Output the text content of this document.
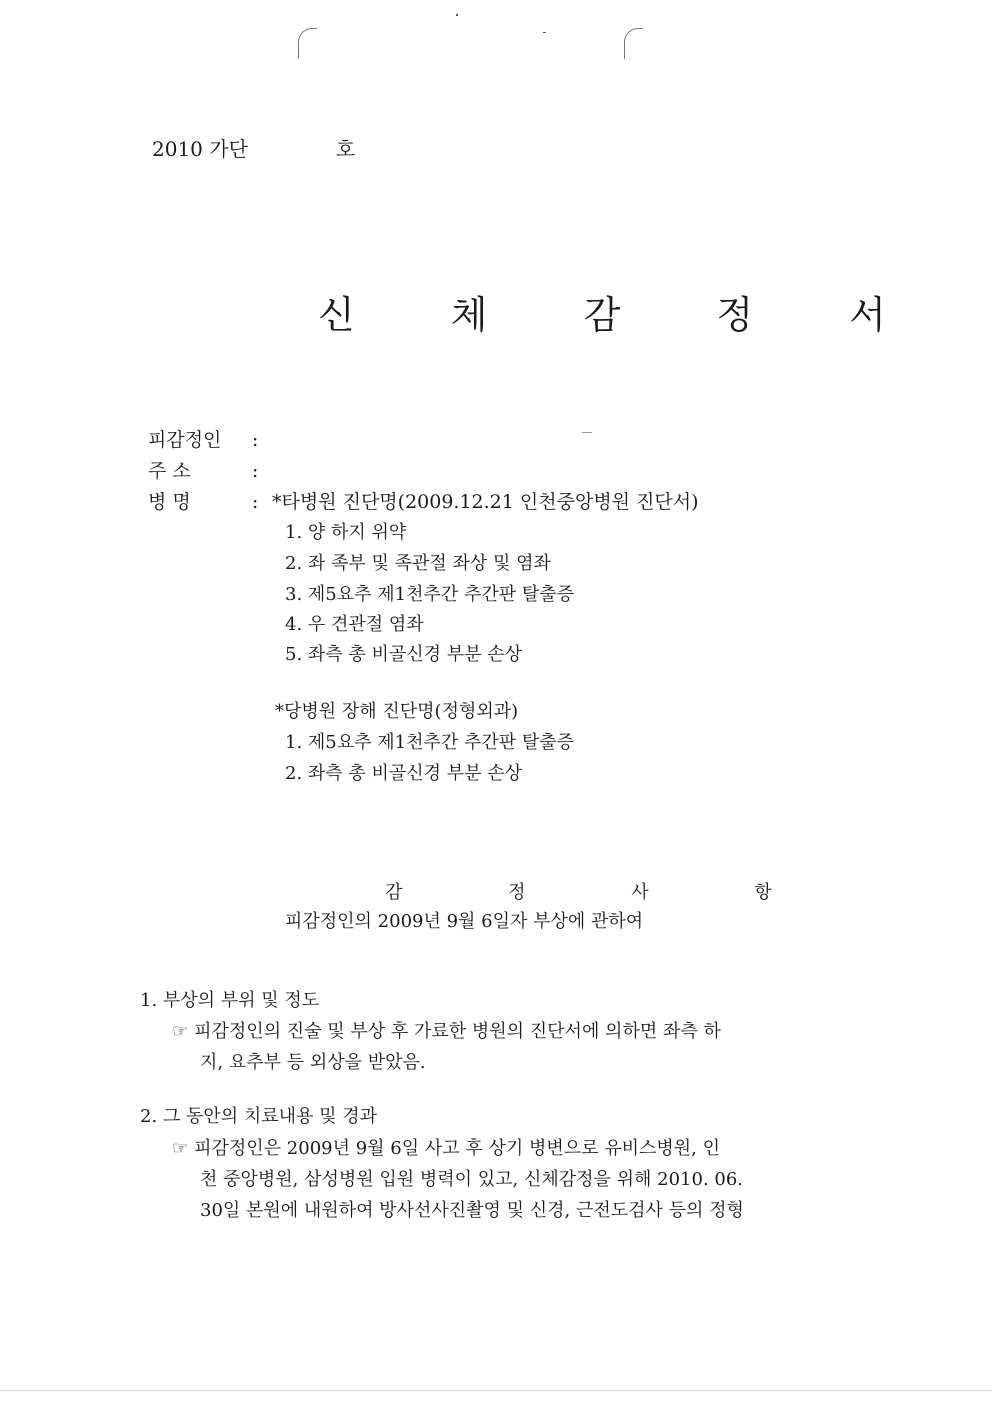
2010 가단	호
신 체 감 정 서
피감정인 :
주 소	:
병 명	: *타병원 진단명(2009.12.21 인천중앙병원 진단서)
1. 양 하지 위약
2. 좌 족부 및 족관절 좌상 및 염좌
3. 제5요추 제1천추간 추간판 탈출증
4. 우 견관절 염좌
5. 좌측 총 비골신경 부분 손상
*당병원 장해 진단명(정형외과)
1. 제5요추 제1천추간 추간판 탈출증
2. 좌측 총 비골신경 부분 손상
감 정 사 항
피감정인의 2009년 9월 6일자 부상에 관하여
1. 부상의 부위 및 정도
☞ 피감정인의 진술 및 부상 후 가료한 병원의 진단서에 의하면 좌측 하
지, 요추부 등 외상을 받았음.
2. 그 동안의 치료내용 및 경과
☞ 피감정인은 2009년 9월 6일 사고 후 상기 병변으로 유비스병원, 인
천 중앙병원, 삼성병원 입원 병력이 있고, 신체감정을 위해 2010. 06.
30일 본원에 내원하여 방사선사진촬영 및 신경, 근전도검사 등의 정형
